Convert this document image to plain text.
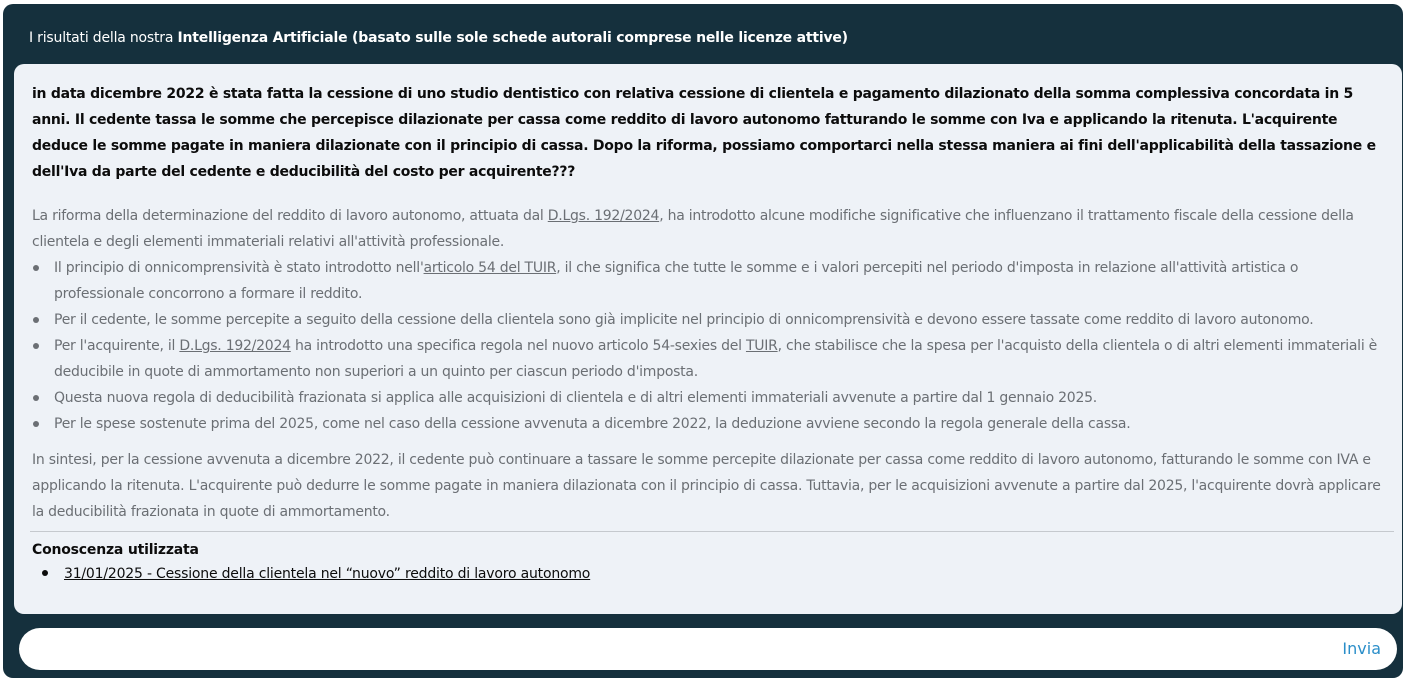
I risultati della nostra Intelligenza Artificiale (basato sulle sole schede autorali comprese nelle licenze attive)
in data dicembre 2022 è stata fatta la cessione di uno studio dentistico con relativa cessione di clientela e pagamento dilazionato della somma complessiva concordata in 5 anni. Il cedente tassa le somme che percepisce dilazionate per cassa come reddito di lavoro autonomo fatturando le somme con Iva e applicando la ritenuta. L'acquirente deduce le somme pagate in maniera dilazionate con il principio di cassa. Dopo la riforma, possiamo comportarci nella stessa maniera ai fini dell'applicabilità della tassazione e dell'Iva da parte del cedente e deducibilità del costo per acquirente???

La riforma della determinazione del reddito di lavoro autonomo, attuata dal D.Lgs. 192/2024, ha introdotto alcune modifiche significative che influenzano il trattamento fiscale della cessione della clientela e degli elementi immateriali relativi all'attività professionale.

Il principio di onnicomprensività è stato introdotto nell'articolo 54 del TUIR, il che significa che tutte le somme e i valori percepiti nel periodo d'imposta in relazione all'attività artistica o professionale concorrono a formare il reddito.
Per il cedente, le somme percepite a seguito della cessione della clientela sono già implicite nel principio di onnicomprensività e devono essere tassate come reddito di lavoro autonomo.
Per l'acquirente, il D.Lgs. 192/2024 ha introdotto una specifica regola nel nuovo articolo 54-sexies del TUIR, che stabilisce che la spesa per l'acquisto della clientela o di altri elementi immateriali è deducibile in quote di ammortamento non superiori a un quinto per ciascun periodo d'imposta.
Questa nuova regola di deducibilità frazionata si applica alle acquisizioni di clientela e di altri elementi immateriali avvenute a partire dal 1 gennaio 2025.
Per le spese sostenute prima del 2025, come nel caso della cessione avvenuta a dicembre 2022, la deduzione avviene secondo la regola generale della cassa.

In sintesi, per la cessione avvenuta a dicembre 2022, il cedente può continuare a tassare le somme percepite dilazionate per cassa come reddito di lavoro autonomo, fatturando le somme con IVA e applicando la ritenuta. L'acquirente può dedurre le somme pagate in maniera dilazionata con il principio di cassa. Tuttavia, per le acquisizioni avvenute a partire dal 2025, l'acquirente dovrà applicare la deducibilità frazionata in quote di ammortamento.

Conoscenza utilizzata
31/01/2025 - Cessione della clientela nel “nuovo” reddito di lavoro autonomo
Invia
